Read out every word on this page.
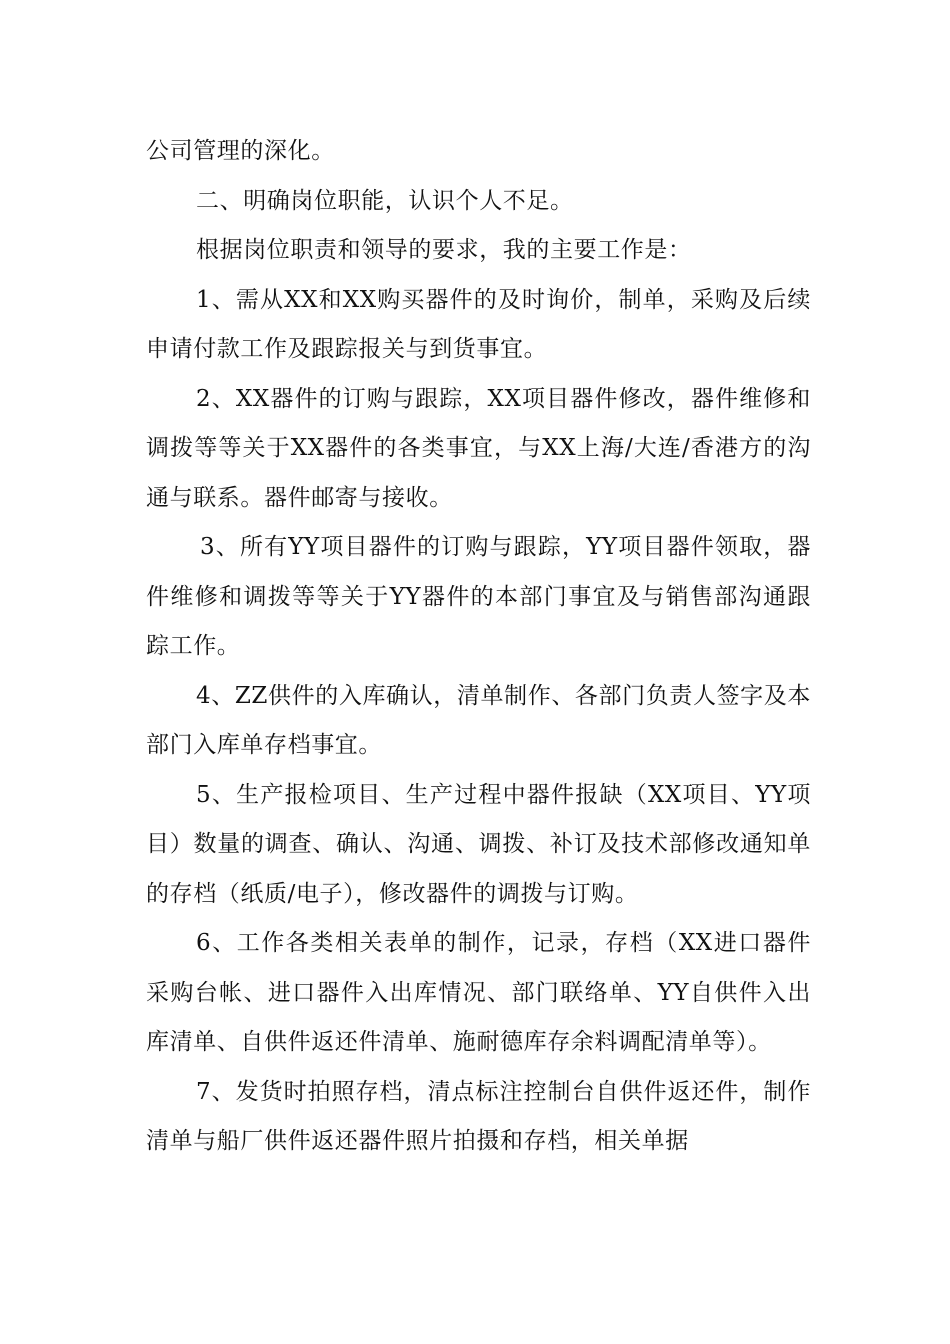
公司管理的深化。

二、明确岗位职能，认识个人不足。

根据岗位职责和领导的要求，我的主要工作是：

1、需从XX和XX购买器件的及时询价，制单，采购及后续申请付款工作及跟踪报关与到货事宜。

2、XX器件的订购与跟踪，XX项目器件修改，器件维修和调拨等等关于XX器件的各类事宜，与XX上海/大连/香港方的沟通与联系。器件邮寄与接收。

3、所有YY项目器件的订购与跟踪，YY项目器件领取，器件维修和调拨等等关于YY器件的本部门事宜及与销售部沟通跟踪工作。

4、ZZ供件的入库确认，清单制作、各部门负责人签字及本部门入库单存档事宜。

5、生产报检项目、生产过程中器件报缺（XX项目、YY项目）数量的调查、确认、沟通、调拨、补订及技术部修改通知单的存档（纸质/电子），修改器件的调拨与订购。

6、工作各类相关表单的制作，记录，存档（XX进口器件采购台帐、进口器件入出库情况、部门联络单、YY自供件入出库清单、自供件返还件清单、施耐德库存余料调配清单等）。

7、发货时拍照存档，清点标注控制台自供件返还件，制作清单与船厂供件返还器件照片拍摄和存档，相关单据
